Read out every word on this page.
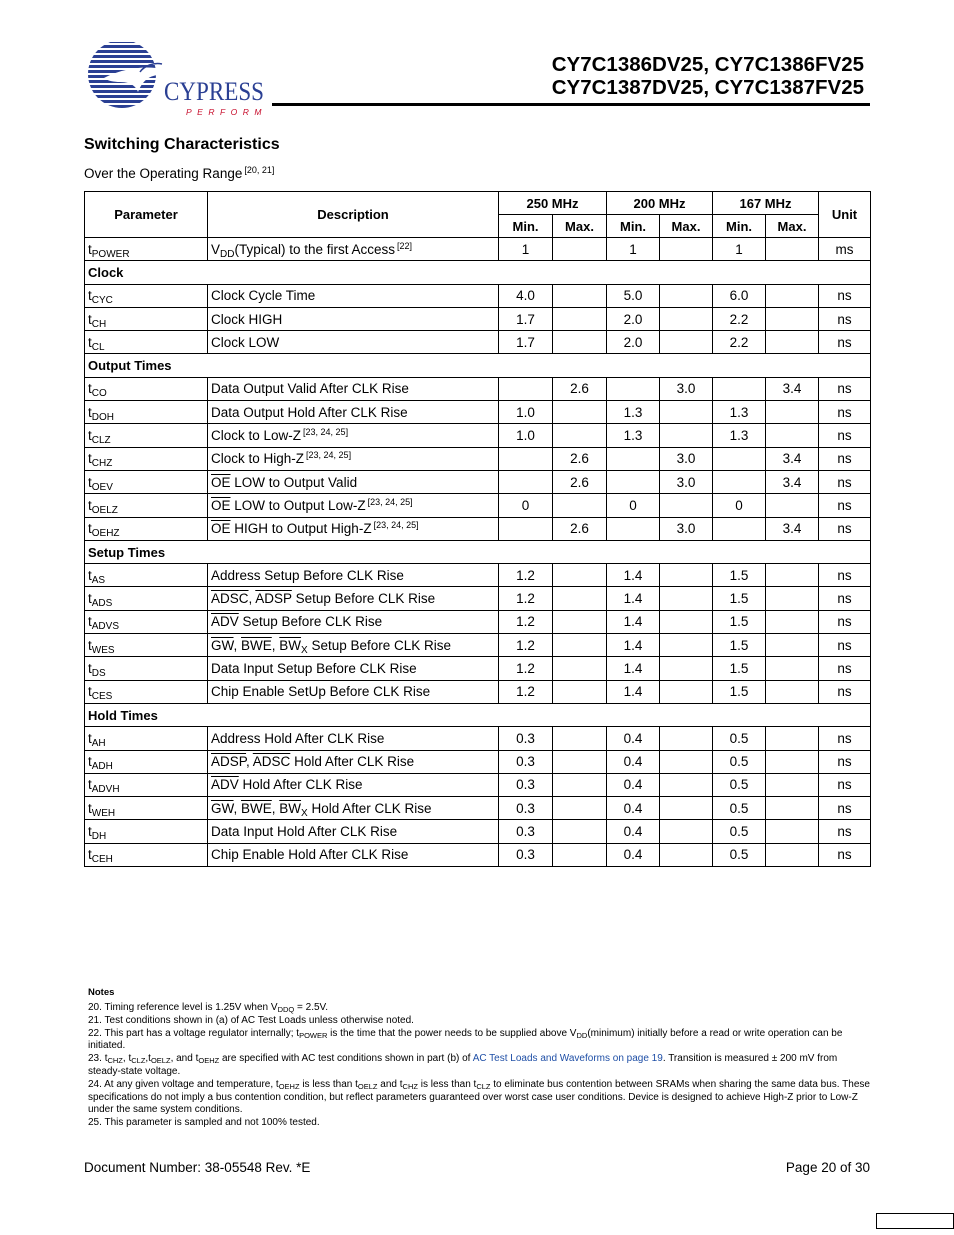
CYPRESS
PERFORM
CY7C1386DV25, CY7C1386FV25
CY7C1387DV25, CY7C1387FV25
Switching Characteristics
Over the Operating Range [20, 21]
Parameter	Description	250 MHz		200 MHz		167 MHz		Unit
		Min.	Max.	Min.	Max.	Min.	Max.	
$t_{POWER}$	$V_{DD}(Typical)$ to the first Access [22]	1		1		1		ms
Clock								
$t_{CYC}$	Clock Cycle Time	4.0		5.0		6.0		ns
$t_{CH}$	Clock HIGH	1.7		2.0		2.2		ns
$t_{CL}$	Clock LOW	1.7		2.0		2.2		ns
Output Times								
$t_{CO}$	Data Output Valid After CLK Rise		2.6		3.0		3.4	ns
$t_{DOH}$	Data Output Hold After CLK Rise	1.0		1.3		1.3		ns
$t_{CLZ}$	Clock to Low-Z [23, 24, 25]	1.0		1.3		1.3		ns
$t_{CHZ}$	Clock to High-Z [23, 24, 25]		2.6		3.0		3.4	ns
$t_{OEV}$	$\overline{OE}$ LOW to Output Valid		2.6		3.0		3.4	ns
$t_{OELZ}$	$\overline{OE}$ LOW to Output Low-Z [23, 24, 25]	0		0		0		ns
$t_{OEHZ}$	$\overline{OE}$ HIGH to Output High-Z [23, 24, 25]		2.6		3.0		3.4	ns
Setup Times								
$t_{AS}$	Address Setup Before CLK Rise	1.2		1.4		1.5		ns
$t_{ADS}$	ADSC, ADSP Setup Before CLK Rise	1.2		1.4		1.5		ns
$t_{ADVS}$	$\overline{ADV}$ Setup Before CLK Rise	1.2		1.4		1.5		ns
$t_{WES}$	$\overline{GW}$, $\overline{BWE}$, $\overline{BW}_X$ Setup Before CLK Rise	1.2		1.4		1.5		ns
$t_{DS}$	Data Input Setup Before CLK Rise	1.2		1.4		1.5		ns
$t_{CES}$	Chip Enable SetUp Before CLK Rise	1.2		1.4		1.5		ns
Hold Times								
$t_{AH}$	Address Hold After CLK Rise	0.3		0.4		0.5		ns
$t_{ADH}$	ADSP, ADSC Hold After CLK Rise	0.3		0.4		0.5		ns
$t_{ADVH}$	$\overline{ADV}$ Hold After CLK Rise	0.3		0.4		0.5		ns
$t_{WEH}$	$\overline{GW}$, $\overline{BWE}$, $\overline{BW}_X$ Hold After CLK Rise	0.3		0.4		0.5		ns
$t_{DH}$	Data Input Hold After CLK Rise	0.3		0.4		0.5		ns
$t_{CEH}$	Chip Enable Hold After CLK Rise	0.3		0.4		0.5		ns
Notes
20. Timing reference level is 1.25V when $V_{DDQ} = 2.5V$.
21. Test conditions shown in (a) of AC Test Loads unless otherwise noted.
22. This part has a voltage regulator internally; $t_{POWER}$ is the time that the power needs to be supplied above $V_{DD}(minimum)$ initially before a read or write operation can be initiated.
23. $t_{CHZ}$, $t_{CLZ},t_{OELZ}$, and $t_{OEHZ}$ are specified with AC test conditions shown in part (b) of AC Test Loads and Waveforms on page 19. Transition is measured ± 200 mV from steady-state voltage.
24. At any given voltage and temperature, $t_{OEHZ}$ is less than $t_{OELZ}$ and $t_{CHZ}$ is less than $t_{CLZ}$ to eliminate bus contention between SRAMs when sharing the same data bus. These specifications do not imply a bus contention condition, but reflect parameters guaranteed over worst case user conditions. Device is designed to achieve High-Z prior to Low-Z under the same system conditions.
25. This parameter is sampled and not 100% tested.
Document Number: 38-05548 Rev. *E	Page 20 of 30
